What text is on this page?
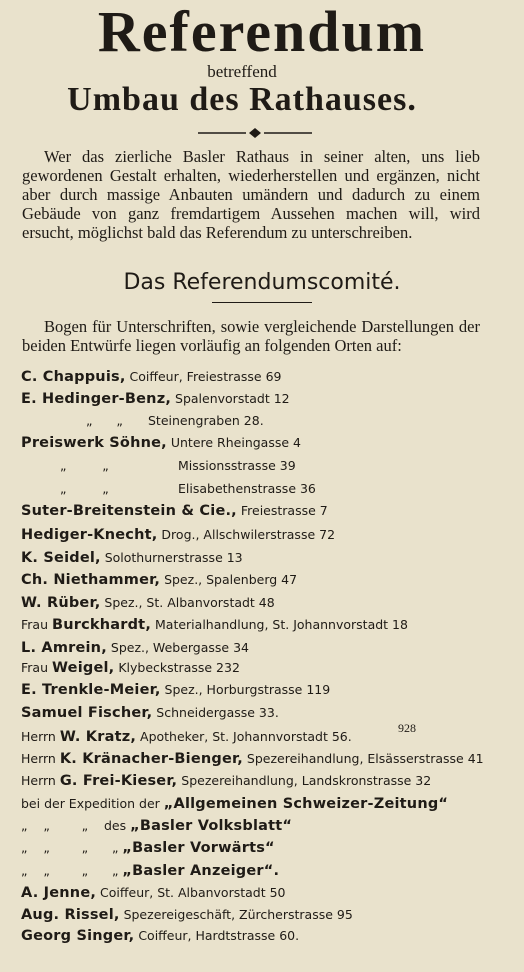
Referendum
betreffend
Umbau des Rathauses.

Wer das zierliche Basler Rathaus in seiner alten, uns lieb gewordenen Gestalt erhalten, wiederherstellen und ergänzen, nicht aber durch massige Anbauten umändern und dadurch zu einem Gebäude von ganz fremdartigem Aussehen machen will, wird ersucht, möglichst bald das Referendum zu unterschreiben.

Das Referendumscomité.

Bogen für Unterschriften, sowie vergleichende Darstellungen der beiden Entwürfe liegen vorläufig an folgenden Orten auf:

C. Chappuis, Coiffeur, Freiestrasse 69
E. Hedinger-Benz, Spalenvorstadt 12
„      „ Steinengraben 28.
Preiswerk Söhne, Untere Rheingasse 4
„         „	Missionsstrasse 39
„         „	Elisabethenstrasse 36
Suter-Breitenstein & Cie., Freiestrasse 7
Hediger-Knecht, Drog., Allschwilerstrasse 72
K. Seidel, Solothurnerstrasse 13
Ch. Niethammer, Spez., Spalenberg 47
W. Rüber, Spez., St. Albanvorstadt 48
Frau Burckhardt, Materialhandlung, St. Johannvorstadt 18
L. Amrein, Spez., Webergasse 34
Frau Weigel, Klybeckstrasse 232
E. Trenkle-Meier, Spez., Horburgstrasse 119
Samuel Fischer, Schneidergasse 33.
Herrn W. Kratz, Apotheker, St. Johannvorstadt 56.
Herrn K. Kränacher-Bienger, Spezereihandlung, Elsässerstrasse 41
Herrn G. Frei-Kieser, Spezereihandlung, Landskronstrasse 32
bei der Expedition der „Allgemeinen Schweizer-Zeitung“
„    „        „    des „Basler Volksblatt“
„    „        „      „ „Basler Vorwärts“
„    „        „      „ „Basler Anzeiger“.
A. Jenne, Coiffeur, St. Albanvorstadt 50
Aug. Rissel, Spezereigeschäft, Zürcherstrasse 95
Georg Singer, Coiffeur, Hardtstrasse 60.
928
